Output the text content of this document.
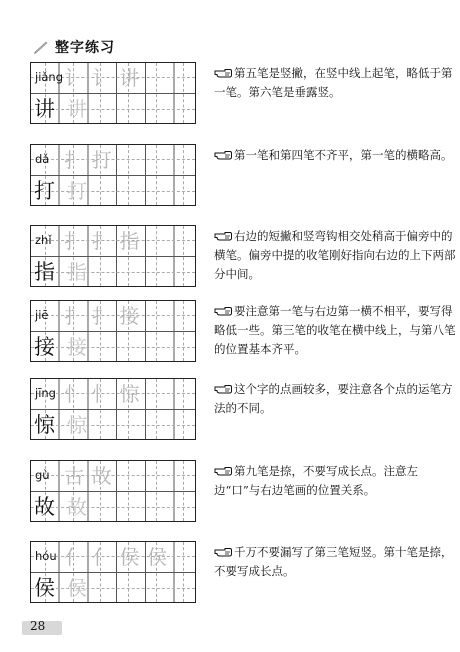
整字练习
jiǎng 讠 讠 讲
讲 讲
第五笔是竖撇，在竖中线上起笔，略低于第一笔。第六笔是垂露竖。
dǎ 扌 打
打 打
第一笔和第四笔不齐平，第一笔的横略高。
zhǐ 扌 扌 指
指 指
右边的短撇和竖弯钩相交处稍高于偏旁中的横笔。偏旁中提的收笔刚好指向右边的上下两部分中间。
jiē 扌 扌 接
接 接
要注意第一笔与右边第一横不相平，要写得略低一些。第三笔的收笔在横中线上，与第八笔的位置基本齐平。
jīng 忄 忄 惊
惊 惊
这个字的点画较多，要注意各个点的运笔方法的不同。
gù 古 故
故 故
第九笔是捺，不要写成长点。注意左边“口”与右边笔画的位置关系。
hóu 亻 亻 侯 侯
侯 侯
千万不要漏写了第三笔短竖。第十笔是捺，不要写成长点。
28
